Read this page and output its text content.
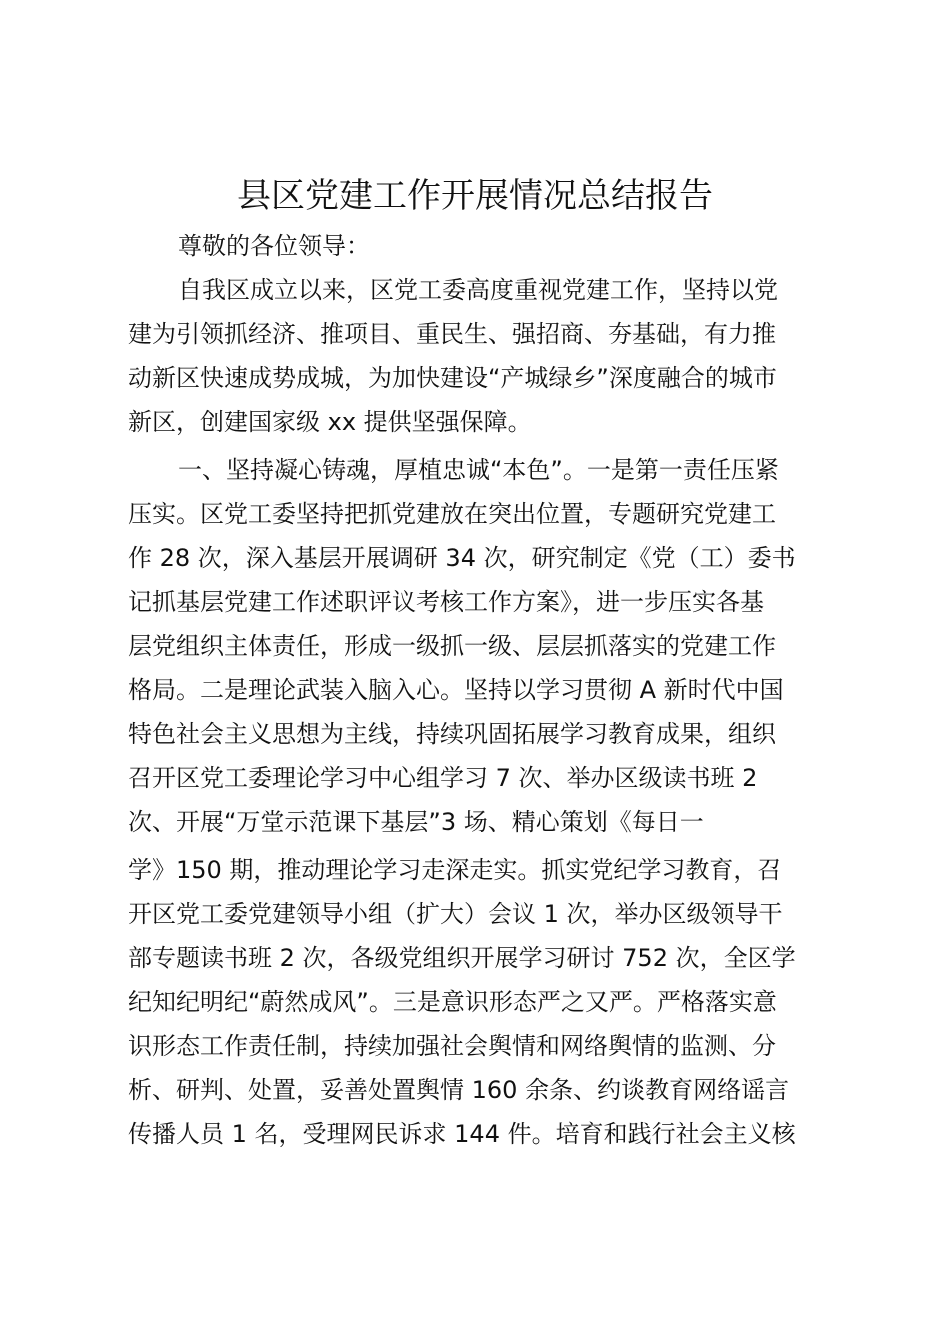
县区党建工作开展情况总结报告

尊敬的各位领导：

自我区成立以来，区党工委高度重视党建工作，坚持以党

建为引领抓经济、推项目、重民生、强招商、夯基础，有力推

动新区快速成势成城，为加快建设“产城绿乡”深度融合的城市

新区，创建国家级 xx 提供坚强保障。

一、坚持凝心铸魂，厚植忠诚“本色”。一是第一责任压紧

压实。区党工委坚持把抓党建放在突出位置，专题研究党建工

作 28 次，深入基层开展调研 34 次，研究制定《党（工）委书

记抓基层党建工作述职评议考核工作方案》，进一步压实各基

层党组织主体责任，形成一级抓一级、层层抓落实的党建工作

格局。二是理论武装入脑入心。坚持以学习贯彻 A 新时代中国

特色社会主义思想为主线，持续巩固拓展学习教育成果，组织

召开区党工委理论学习中心组学习 7 次、举办区级读书班 2

次、开展“万堂示范课下基层”3 场、精心策划《每日一

学》150 期，推动理论学习走深走实。抓实党纪学习教育，召

开区党工委党建领导小组（扩大）会议 1 次，举办区级领导干

部专题读书班 2 次，各级党组织开展学习研讨 752 次，全区学

纪知纪明纪“蔚然成风”。三是意识形态严之又严。严格落实意

识形态工作责任制，持续加强社会舆情和网络舆情的监测、分

析、研判、处置，妥善处置舆情 160 余条、约谈教育网络谣言

传播人员 1 名，受理网民诉求 144 件。培育和践行社会主义核
